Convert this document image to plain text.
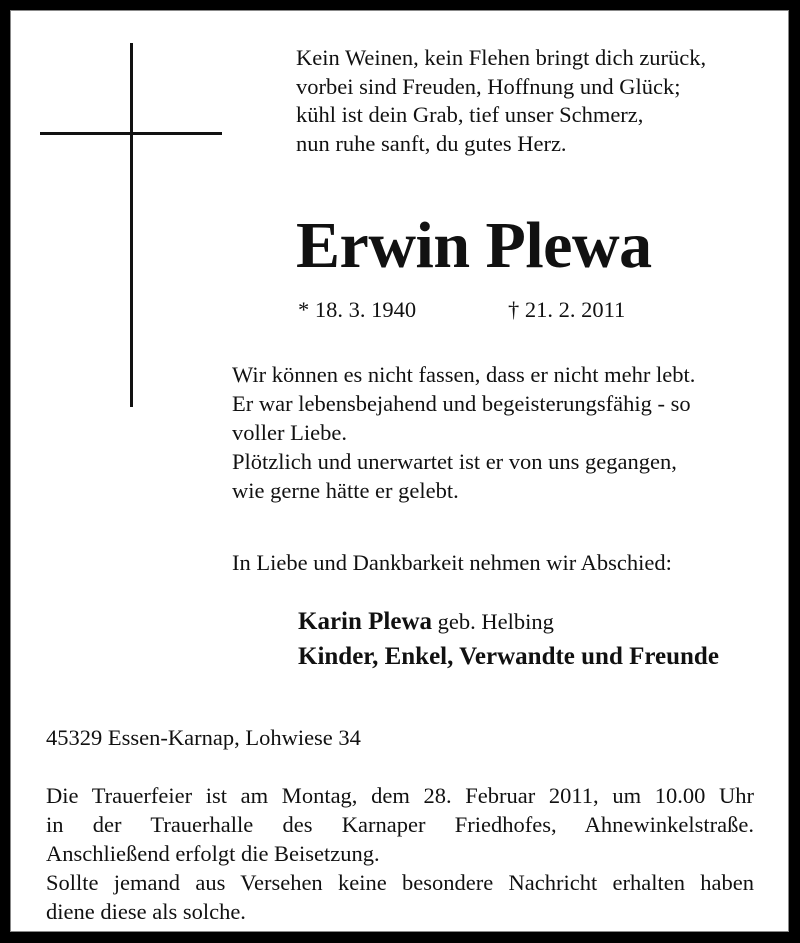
Kein Weinen, kein Flehen bringt dich zurück,
vorbei sind Freuden, Hoffnung und Glück;
kühl ist dein Grab, tief unser Schmerz,
nun ruhe sanft, du gutes Herz.
Erwin Plewa
* 18. 3. 1940	† 21. 2. 2011
Wir können es nicht fassen, dass er nicht mehr lebt.
Er war lebensbejahend und begeisterungsfähig - so
voller Liebe.
Plötzlich und unerwartet ist er von uns gegangen,
wie gerne hätte er gelebt.
In Liebe und Dankbarkeit nehmen wir Abschied:
Karin Plewa geb. Helbing
Kinder, Enkel, Verwandte und Freunde
45329 Essen-Karnap, Lohwiese 34
Die Trauerfeier ist am Montag, dem 28. Februar 2011, um 10.00 Uhr
in der Trauerhalle des Karnaper Friedhofes, Ahnewinkelstraße.
Anschließend erfolgt die Beisetzung.
Sollte jemand aus Versehen keine besondere Nachricht erhalten haben
diene diese als solche.
